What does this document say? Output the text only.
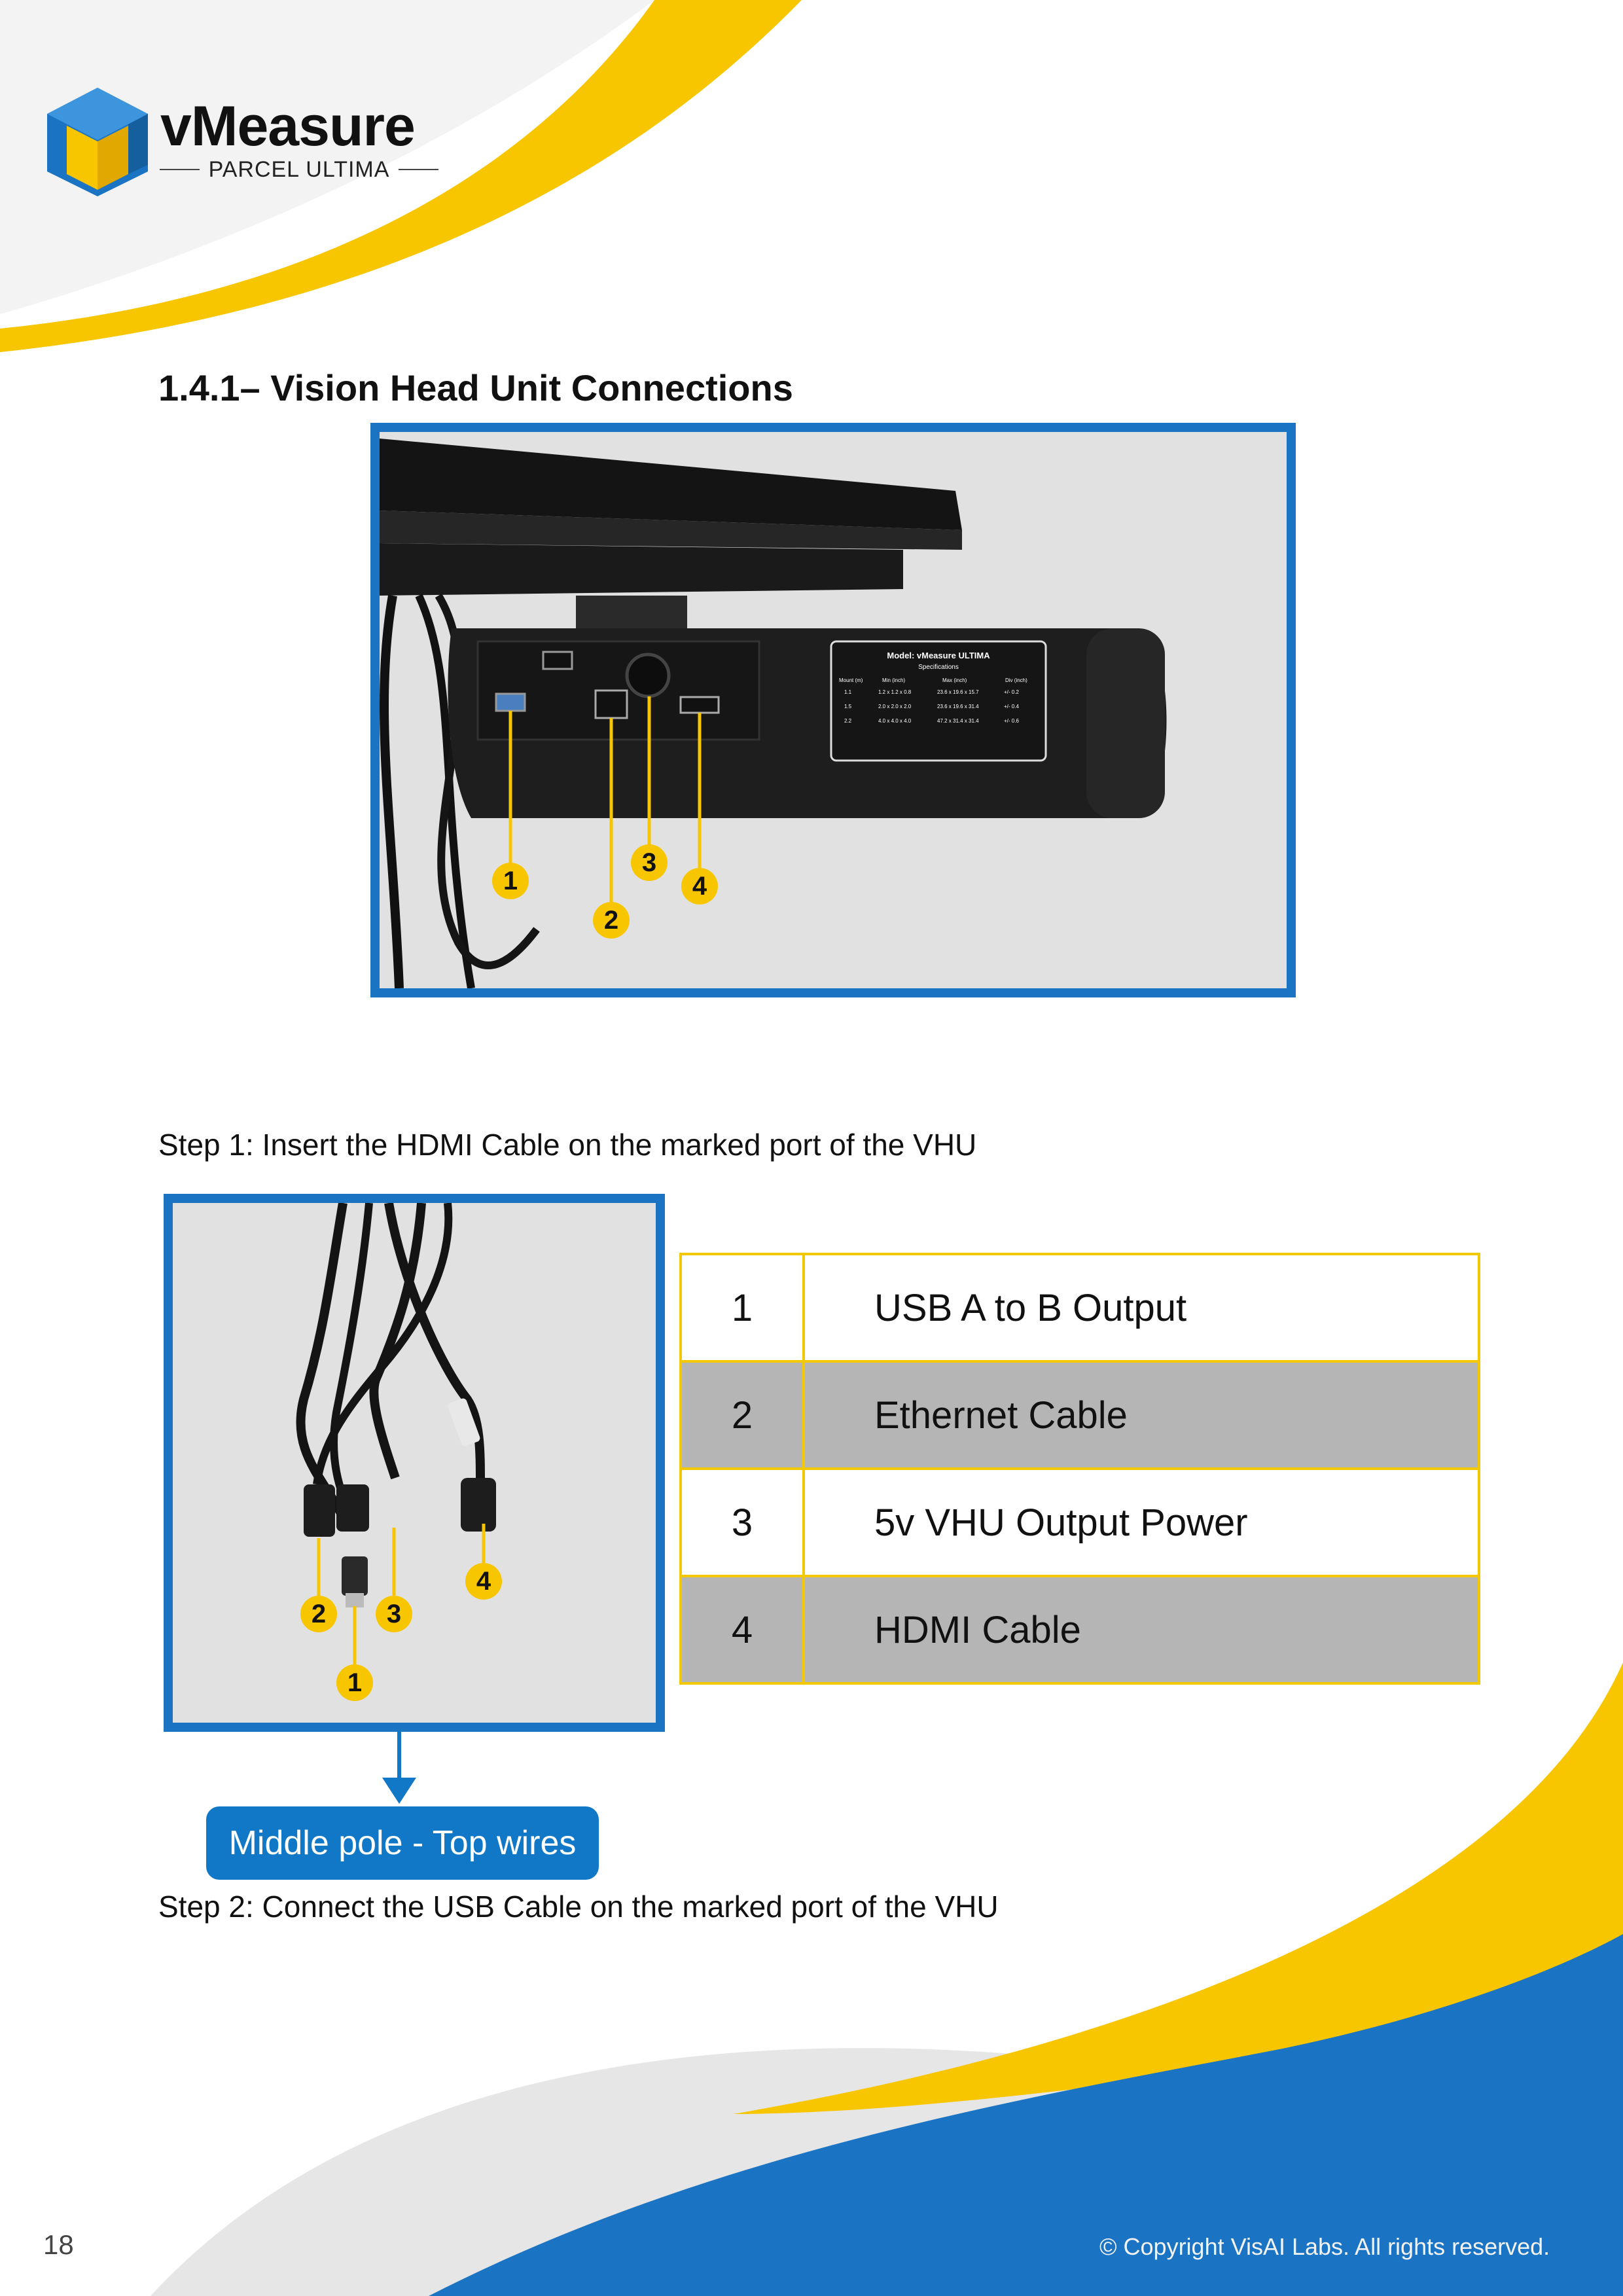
vMeasure
PARCEL ULTIMA
1.4.1– Vision Head Unit Connections
Model: vMeasure ULTIMA
Specifications
Mount (m)	Min (inch)	Max (inch)	Div (inch)
1.1	1.2 x 1.2 x 0.8	23.6 x 19.6 x 15.7	+/- 0.2
1.5	2.0 x 2.0 x 2.0	23.6 x 19.6 x 31.4	+/- 0.4
2.2	4.0 x 4.0 x 4.0	47.2 x 31.4 x 31.4	+/- 0.6
1
2
3
4
Step 1: Insert the HDMI Cable on the marked port of the VHU
2	3
4
1
Middle pole - Top wires
1	USB A to B Output
2	Ethernet Cable
3	5v VHU Output Power
4	HDMI Cable
Step 2: Connect the USB Cable on the marked port of the VHU
18	© Copyright VisAI Labs. All rights reserved.
